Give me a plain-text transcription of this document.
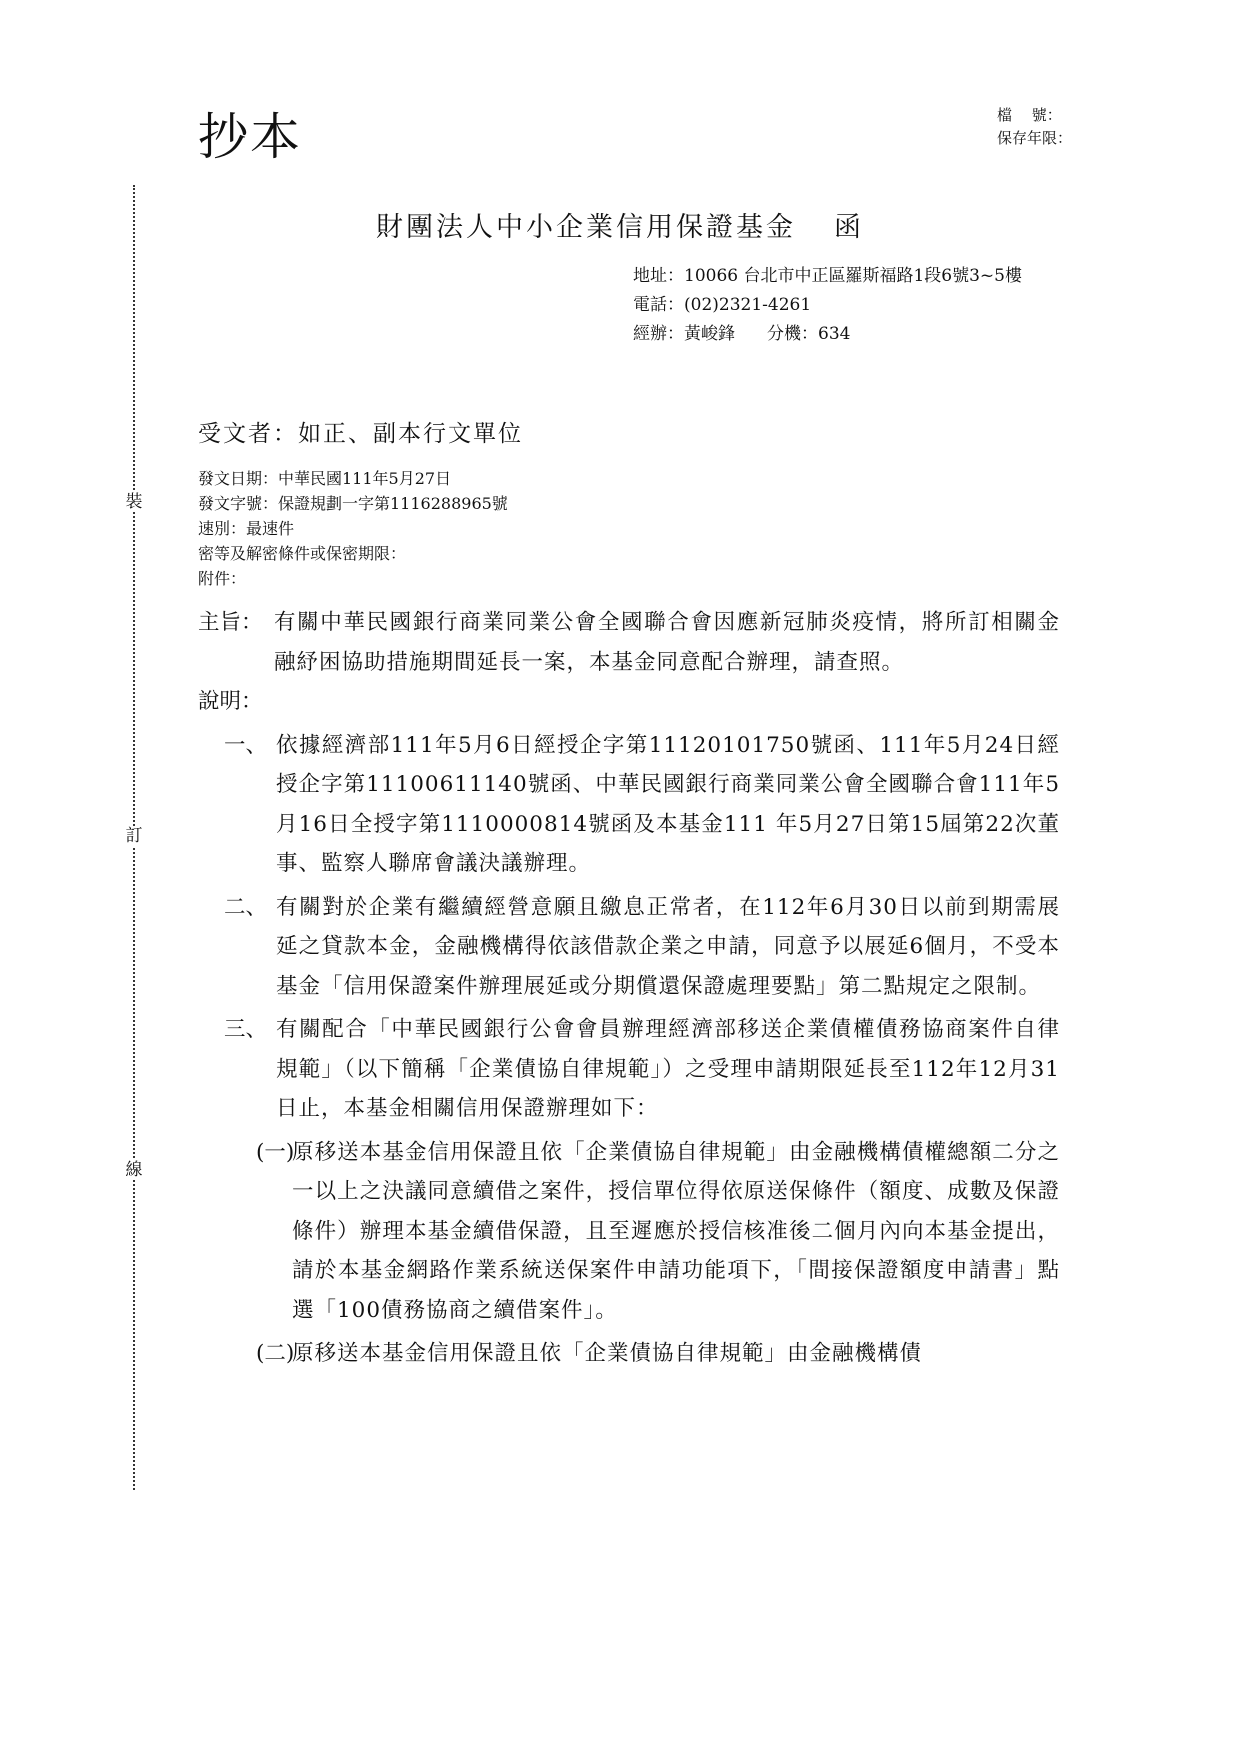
抄本	檔　 號：
保存年限：
裝
訂
線
財團法人中小企業信用保證基金 函
地址：10066 台北市中正區羅斯福路1段6號3~5樓
電話：(02)2321-4261
經辦：黃峻鋒 分機：634
受文者：如正、副本行文單位
發文日期：中華民國111年5月27日
發文字號：保證規劃一字第1116288965號
速別：最速件
密等及解密條件或保密期限：
附件：
主旨： 有關中華民國銀行商業同業公會全國聯合會因應新冠肺炎疫情，將所訂相關金融紓困協助措施期間延長一案，本基金同意配合辦理，請查照。
說明：
一、 依據經濟部111年5月6日經授企字第11120101750號函、111年5月24日經授企字第11100611140號函、中華民國銀行商業同業公會全國聯合會111年5月16日全授字第1110000814號函及本基金111 年5月27日第15屆第22次董事、監察人聯席會議決議辦理。
二、 有關對於企業有繼續經營意願且繳息正常者，在112年6月30日以前到期需展延之貸款本金，金融機構得依該借款企業之申請，同意予以展延6個月，不受本基金「信用保證案件辦理展延或分期償還保證處理要點」第二點規定之限制。
三、 有關配合「中華民國銀行公會會員辦理經濟部移送企業債權債務協商案件自律規範」（以下簡稱「企業債協自律規範」）之受理申請期限延長至112年12月31日止，本基金相關信用保證辦理如下：
(一)
原移送本基金信用保證且依「企業債協自律規範」由金融機構債權總額二分之一以上之決議同意續借之案件，授信單位得依原送保條件（額度、成數及保證條件）辦理本基金續借保證，且至遲應於授信核准後二個月內向本基金提出，請於本基金網路作業系統送保案件申請功能項下，「間接保證額度申請書」點選「100債務協商之續借案件」。
(二)
原移送本基金信用保證且依「企業債協自律規範」由金融機構債
